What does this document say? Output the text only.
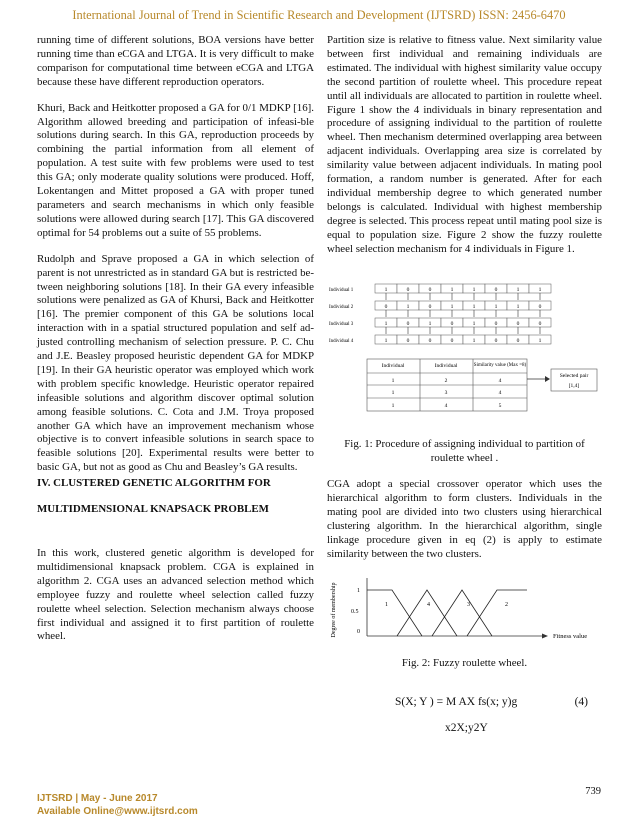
International Journal of Trend in Scientific Research and Development (IJTSRD) ISSN: 2456-6470

running time of different solutions, BOA versions have better running time than eCGA and LTGA. It is very difficult to make comparison for computational time between eCGA and LTGA because these have different reproduction operators.

Khuri, Back and Heitkotter proposed a GA for 0/1 MDKP [16]. Algorithm allowed breeding and participation of infeasi-ble solutions during search. In this GA, reproduction proceeds by combining the partial information from all element of population. A test suite with few problems were used to test this GA; only moderate quality solutions were produced. Hoff, Lokentangen and Mittet proposed a GA with proper tuned parameters and search mechanisms in which only feasible solutions were allowed during search [17]. This GA discovered optimal for 54 problems out a suite of 55 problems.

Rudolph and Sprave proposed a GA in which selection of parent is not unrestricted as in standard GA but is restricted be-tween neighboring solutions [18]. In their GA every infeasible solutions were penalized as GA of Khursi, Back and Heitkotter [16]. The premier component of this GA be solutions local interaction with in a spatial structured population and self ad-justed controlling mechanism of selection pressure. P. C. Chu and J.E. Beasley proposed heuristic dependent GA for MDKP [19]. In their GA heuristic operator was employed which work with problem specific knowledge. Heuristic operator repaired infeasible solutions and algorithm discover optimal solution among feasible solutions. C. Cota and J.M. Troya proposed another GA which have an improvement mechanism whose objective is to convert infeasible solutions in search space to feasible solutions [20]. Experimental results were better to basic GA, but not as good as Chu and Beasley’s GA results.

IV. CLUSTERED GENETIC ALGORITHM FOR

MULTIDMENSIONAL KNAPSACK PROBLEM

In this work, clustered genetic algorithm is developed for multidimensional knapsack problem. CGA is explained in algorithm 2. CGA uses an advanced selection method which employee fuzzy and roulette wheel selection called fuzzy roulette wheel selection. Selection mechanism always choose first individual and assigned it to first partition of roulette wheel.

Partition size is relative to fitness value. Next similarity value between first individual and remaining individuals are estimated. The individual with highest similarity value occupy the second partition of roulette wheel. This procedure repeat until all individuals are allocated to partition in roulette wheel. Figure 1 show the 4 individuals in binary representation and procedure of assigning individual to the partition of roulette wheel. Then mechanism determined overlapping area between adjacent individuals. Overlapping area size is correlated by similarity value between adjacent individuals. In mating pool formation, a random number is generated. After for each individual membership degree to which generated number belongs is calculated. Individual with highest membership degree is selected. This process repeat until mating pool size is equal to population size. Figure 2 show the fuzzy roulette wheel selection mechanism for 4 individuals in Figure 1.

Individual 1	1	0	0	1	1	0	1	1
Individual 2	0	1	0	1	1	1	1	0
Individual 3	1	0	1	0	1	0	0	0
Individual 4	1	0	0	0	1	0	0	1
Individual	Individual	Similarity value (Max =8)
1	2	4
1	3	4
1	4	5
Selected pair
[1,4]

Fig. 1: Procedure of assigning individual to partition of roulette wheel .

CGA adopt a special crossover operator which uses the hierarchical algorithm to form clusters. Individuals in the mating pool are divided into two clusters using hierarchical clustering algorithm. In the hierarchical algorithm, single linkage procedure given in eq (2) is apply to estimate similarity between the two clusters.

Degree of membership	1
0.5
0
1	4	3	2
Fitness value

Fig. 2: Fuzzy roulette wheel.

S(X; Y ) = M AX fs(x; y)g	(4)
x2X;y2Y
739
IJTSRD | May - June 2017
Available Online@www.ijtsrd.com
